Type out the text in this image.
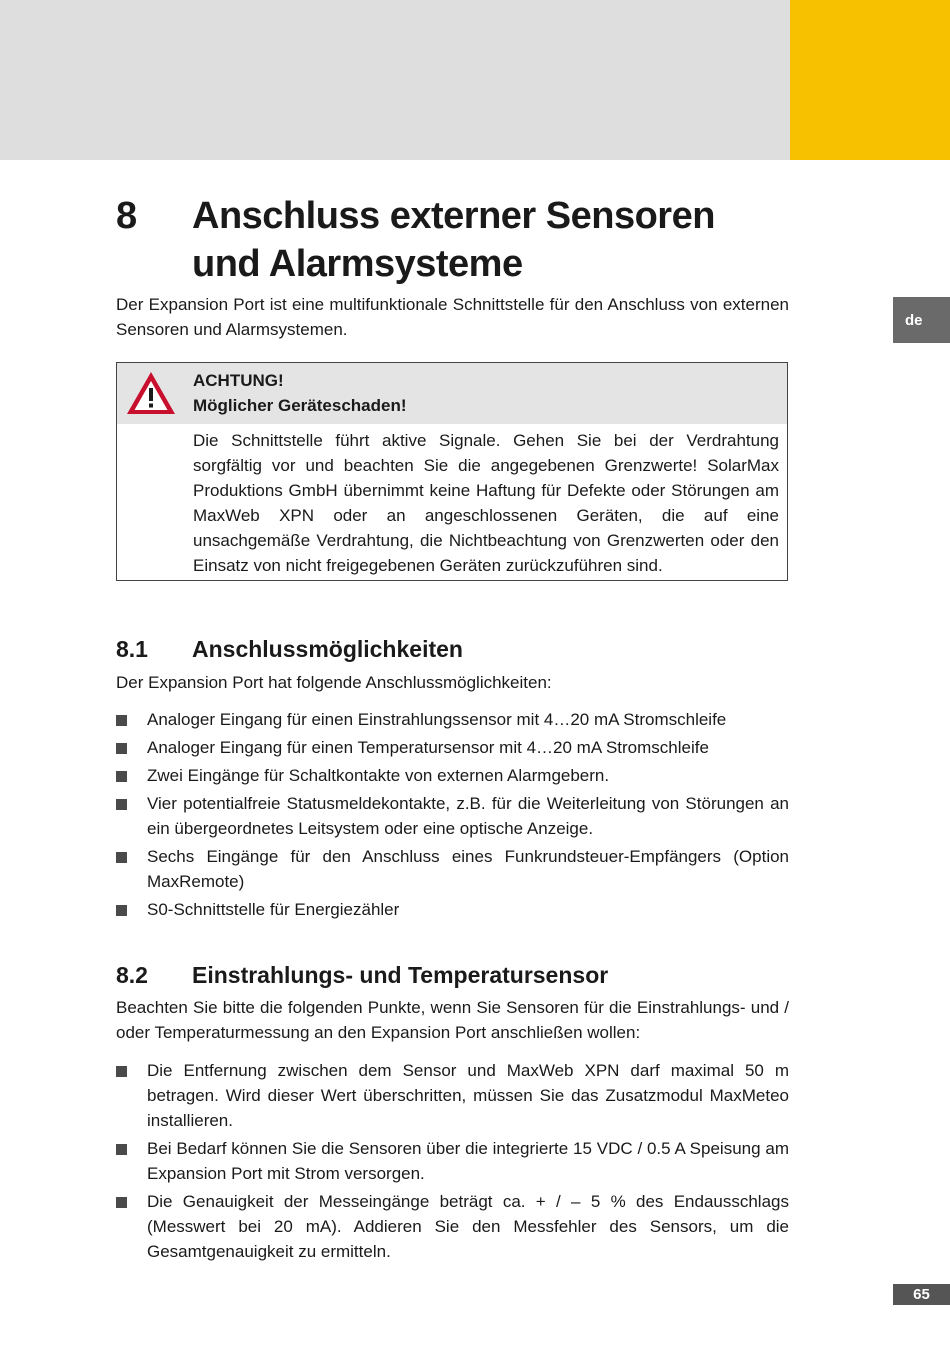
de
65
8 Anschluss externer Sensoren und Alarmsysteme
Der Expansion Port ist eine multifunktionale Schnittstelle für den Anschluss von externen Sensoren und Alarmsystemen.
ACHTUNG!
Möglicher Geräteschaden!
Die Schnittstelle führt aktive Signale. Gehen Sie bei der Verdrahtung sorgfältig vor und beachten Sie die angegebenen Grenzwerte! SolarMax Produktions GmbH übernimmt keine Haftung für Defekte oder Störungen am MaxWeb XPN oder an angeschlossenen Geräten, die auf eine unsachgemäße Verdrahtung, die Nichtbeachtung von Grenzwerten oder den Einsatz von nicht freigegebenen Geräten zurückzuführen sind.
8.1 Anschlussmöglichkeiten
Der Expansion Port hat folgende Anschlussmöglichkeiten:
Analoger Eingang für einen Einstrahlungssensor mit 4…20 mA Stromschleife
Analoger Eingang für einen Temperatursensor mit 4…20 mA Stromschleife
Zwei Eingänge für Schaltkontakte von externen Alarmgebern.
Vier potentialfreie Statusmeldekontakte, z.B. für die Weiterleitung von Störungen an ein übergeordnetes Leitsystem oder eine optische Anzeige.
Sechs Eingänge für den Anschluss eines Funkrundsteuer-Empfängers (Option MaxRemote)
S0-Schnittstelle für Energiezähler
8.2 Einstrahlungs- und Temperatursensor
Beachten Sie bitte die folgenden Punkte, wenn Sie Sensoren für die Einstrahlungs- und / oder Temperaturmessung an den Expansion Port anschließen wollen:
Die Entfernung zwischen dem Sensor und MaxWeb XPN darf maximal 50 m betragen. Wird dieser Wert überschritten, müssen Sie das Zusatzmodul MaxMeteo installieren.
Bei Bedarf können Sie die Sensoren über die integrierte 15 VDC / 0.5 A Speisung am Expansion Port mit Strom versorgen.
Die Genauigkeit der Messeingänge beträgt ca. + / – 5 % des Endausschlags (Messwert bei 20 mA). Addieren Sie den Messfehler des Sensors, um die Gesamtgenauigkeit zu ermitteln.
